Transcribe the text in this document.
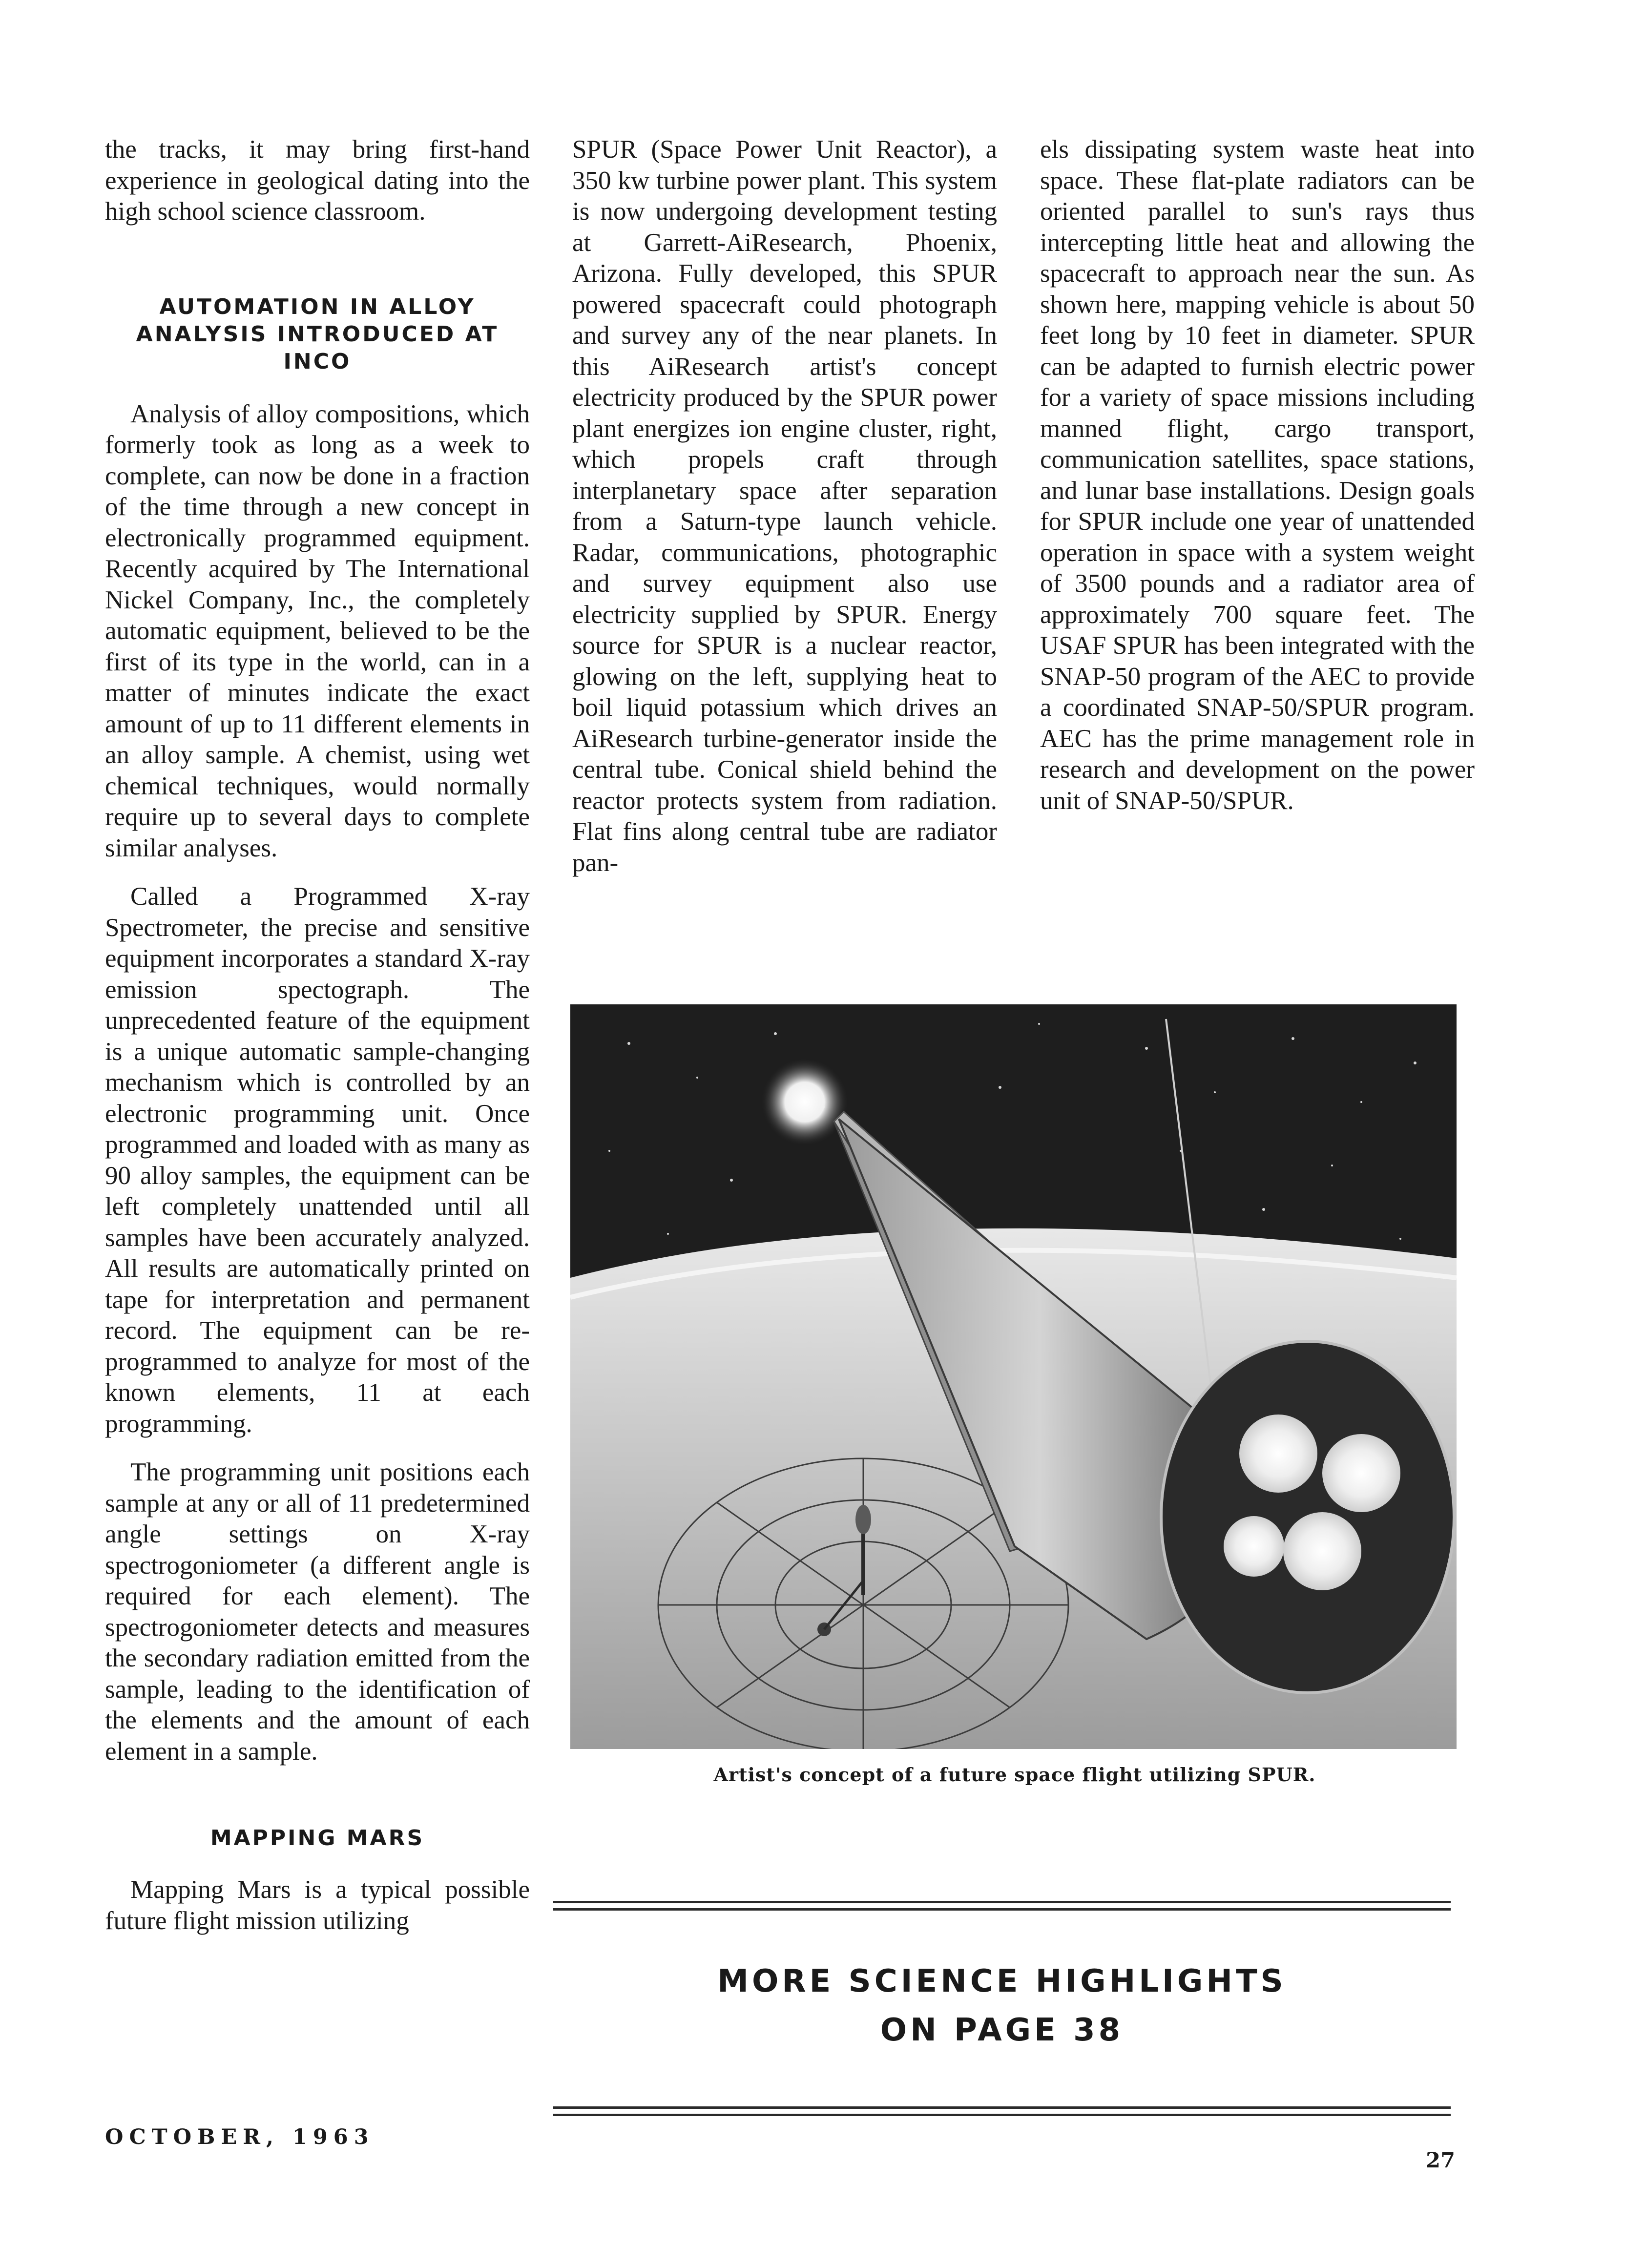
the tracks, it may bring first-hand experience in geological dating into the high school science classroom.

AUTOMATION IN ALLOY ANALYSIS INTRODUCED AT INCO

Analysis of alloy compositions, which formerly took as long as a week to complete, can now be done in a fraction of the time through a new concept in electronically programmed equipment. Recently acquired by The International Nickel Company, Inc., the completely automatic equipment, believed to be the first of its type in the world, can in a matter of minutes indicate the exact amount of up to 11 different elements in an alloy sample. A chemist, using wet chemical techniques, would normally require up to several days to complete similar analyses.

Called a Programmed X-ray Spectrometer, the precise and sensitive equipment incorporates a standard X-ray emission spectograph. The unprecedented feature of the equipment is a unique automatic sample-changing mechanism which is controlled by an electronic programming unit. Once programmed and loaded with as many as 90 alloy samples, the equipment can be left completely unattended until all samples have been accurately analyzed. All results are automatically printed on tape for interpretation and permanent record. The equipment can be re-programmed to analyze for most of the known elements, 11 at each programming.

The programming unit positions each sample at any or all of 11 predetermined angle settings on X-ray spectrogoniometer (a different angle is required for each element). The spectrogoniometer detects and measures the secondary radiation emitted from the sample, leading to the identification of the elements and the amount of each element in a sample.

MAPPING MARS

Mapping Mars is a typical possible future flight mission utilizing

SPUR (Space Power Unit Reactor), a 350 kw turbine power plant. This system is now undergoing development testing at Garrett-AiResearch, Phoenix, Arizona. Fully developed, this SPUR powered spacecraft could photograph and survey any of the near planets. In this AiResearch artist's concept electricity produced by the SPUR power plant energizes ion engine cluster, right, which propels craft through interplanetary space after separation from a Saturn-type launch vehicle. Radar, communications, photographic and survey equipment also use electricity supplied by SPUR. Energy source for SPUR is a nuclear reactor, glowing on the left, supplying heat to boil liquid potassium which drives an AiResearch turbine-generator inside the central tube. Conical shield behind the reactor protects system from radiation. Flat fins along central tube are radiator pan-

els dissipating system waste heat into space. These flat-plate radiators can be oriented parallel to sun's rays thus intercepting little heat and allowing the spacecraft to approach near the sun. As shown here, mapping vehicle is about 50 feet long by 10 feet in diameter. SPUR can be adapted to furnish electric power for a variety of space missions including manned flight, cargo transport, communication satellites, space stations, and lunar base installations. Design goals for SPUR include one year of unattended operation in space with a system weight of 3500 pounds and a radiator area of approximately 700 square feet. The USAF SPUR has been integrated with the SNAP-50 program of the AEC to provide a coordinated SNAP-50/SPUR program. AEC has the prime management role in research and development on the power unit of SNAP-50/SPUR.

Artist's concept of a future space flight utilizing SPUR.
MORE SCIENCE HIGHLIGHTS
ON PAGE 38
OCTOBER, 1963
27
